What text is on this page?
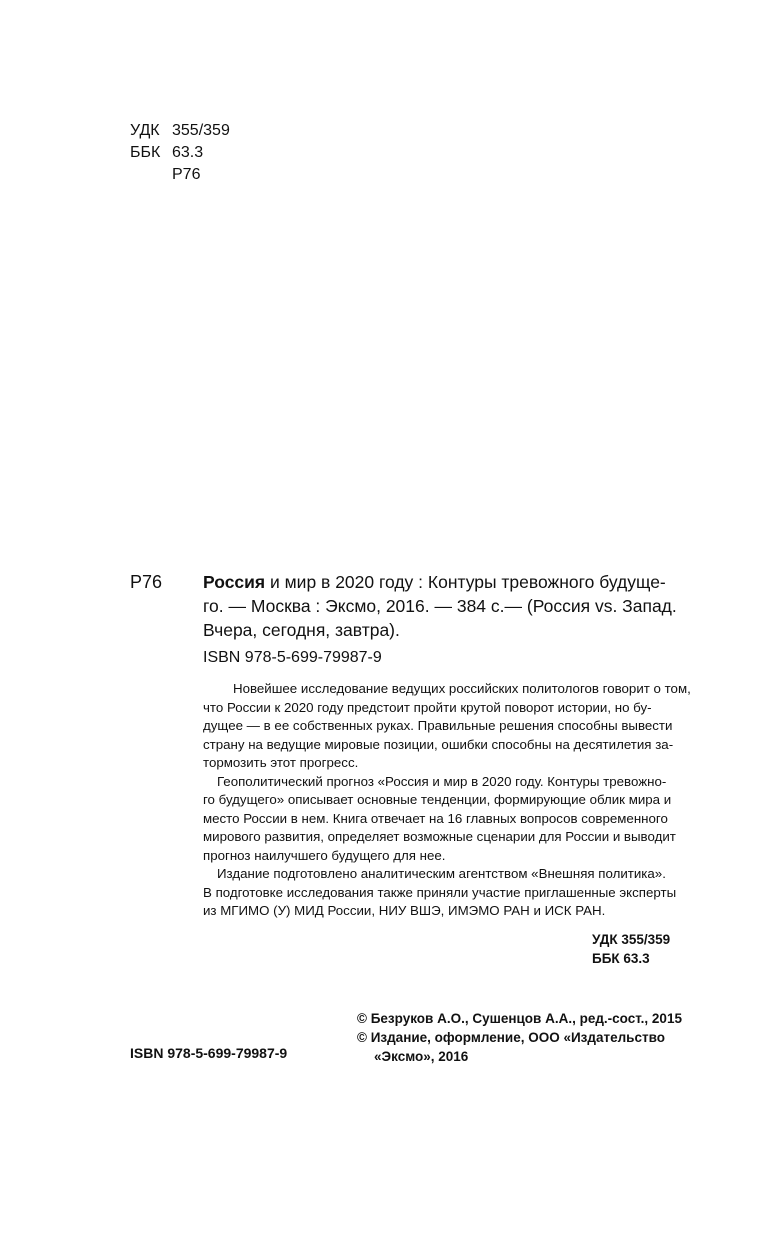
УДК 355/359
ББК 63.3
Р76
Р76 Россия и мир в 2020 году : Контуры тревожного будуще-
го. — Москва : Эксмо, 2016. — 384 с.— (Россия vs. Запад.
Вчера, сегодня, завтра).
ISBN 978-5-699-79987-9

Новейшее исследование ведущих российских политологов говорит о том,

что России к 2020 году предстоит пройти крутой поворот истории, но бу-

дущее — в ее собственных руках. Правильные решения способны вывести

страну на ведущие мировые позиции, ошибки способны на десятилетия за-

тормозить этот прогресс.

Геополитический прогноз «Россия и мир в 2020 году. Контуры тревожно-

го будущего» описывает основные тенденции, формирующие облик мира и

место России в нем. Книга отвечает на 16 главных вопросов современного

мирового развития, определяет возможные сценарии для России и выводит

прогноз наилучшего будущего для нее.

Издание подготовлено аналитическим агентством «Внешняя политика».

В подготовке исследования также приняли участие приглашенные эксперты

из МГИМО (У) МИД России, НИУ ВШЭ, ИМЭМО РАН и ИСК РАН.

УДК 355/359
ББК 63.3
© Безруков А.О., Сушенцов А.А., ред.-сост., 2015
© Издание, оформление, ООО «Издательство
«Эксмо», 2016
ISBN 978-5-699-79987-9
